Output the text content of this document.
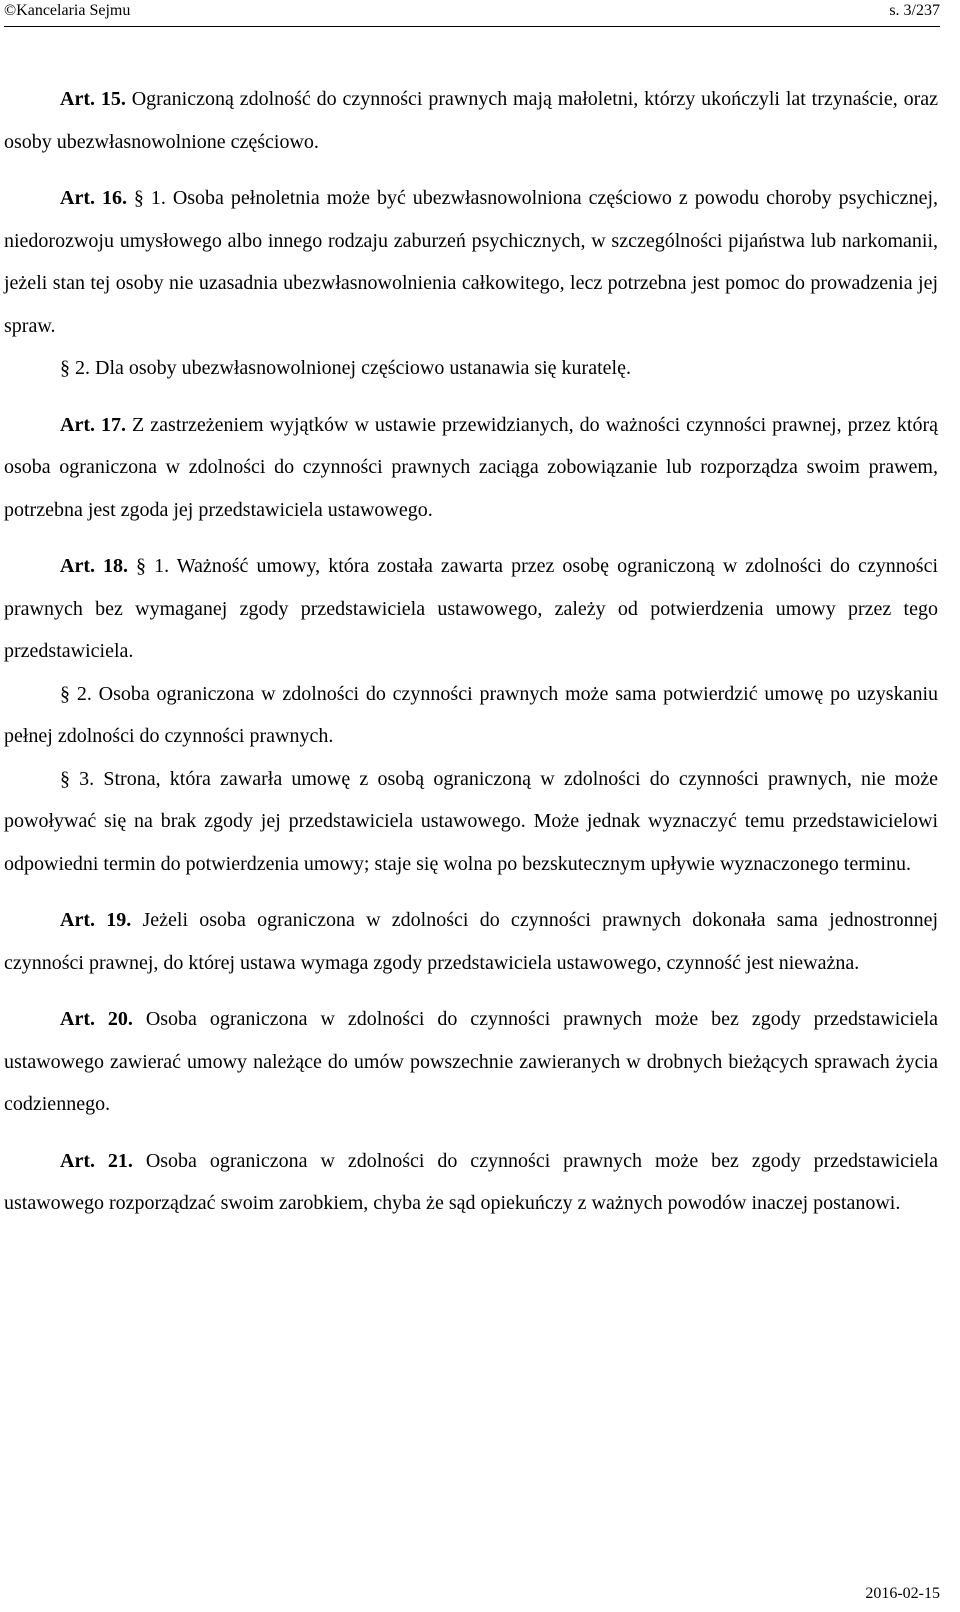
©Kancelaria Sejmu	s. 3/237

Art. 15. Ograniczoną zdolność do czynności prawnych mają małoletni, którzy ukończyli lat trzynaście, oraz osoby ubezwłasnowolnione częściowo.

Art. 16. § 1. Osoba pełnoletnia może być ubezwłasnowolniona częściowo z powodu choroby psychicznej, niedorozwoju umysłowego albo innego rodzaju zaburzeń psychicznych, w szczególności pijaństwa lub narkomanii, jeżeli stan tej osoby nie uzasadnia ubezwłasnowolnienia całkowitego, lecz potrzebna jest pomoc do prowadzenia jej spraw.

§ 2. Dla osoby ubezwłasnowolnionej częściowo ustanawia się kuratelę.

Art. 17. Z zastrzeżeniem wyjątków w ustawie przewidzianych, do ważności czynności prawnej, przez którą osoba ograniczona w zdolności do czynności prawnych zaciąga zobowiązanie lub rozporządza swoim prawem, potrzebna jest zgoda jej przedstawiciela ustawowego.

Art. 18. § 1. Ważność umowy, która została zawarta przez osobę ograniczoną w zdolności do czynności prawnych bez wymaganej zgody przedstawiciela ustawowego, zależy od potwierdzenia umowy przez tego przedstawiciela.

§ 2. Osoba ograniczona w zdolności do czynności prawnych może sama potwierdzić umowę po uzyskaniu pełnej zdolności do czynności prawnych.

§ 3. Strona, która zawarła umowę z osobą ograniczoną w zdolności do czynności prawnych, nie może powoływać się na brak zgody jej przedstawiciela ustawowego. Może jednak wyznaczyć temu przedstawicielowi odpowiedni termin do potwierdzenia umowy; staje się wolna po bezskutecznym upływie wyznaczonego terminu.

Art. 19. Jeżeli osoba ograniczona w zdolności do czynności prawnych dokonała sama jednostronnej czynności prawnej, do której ustawa wymaga zgody przedstawiciela ustawowego, czynność jest nieważna.

Art. 20. Osoba ograniczona w zdolności do czynności prawnych może bez zgody przedstawiciela ustawowego zawierać umowy należące do umów powszechnie zawieranych w drobnych bieżących sprawach życia codziennego.

Art. 21. Osoba ograniczona w zdolności do czynności prawnych może bez zgody przedstawiciela ustawowego rozporządzać swoim zarobkiem, chyba że sąd opiekuńczy z ważnych powodów inaczej postanowi.

2016-02-15
